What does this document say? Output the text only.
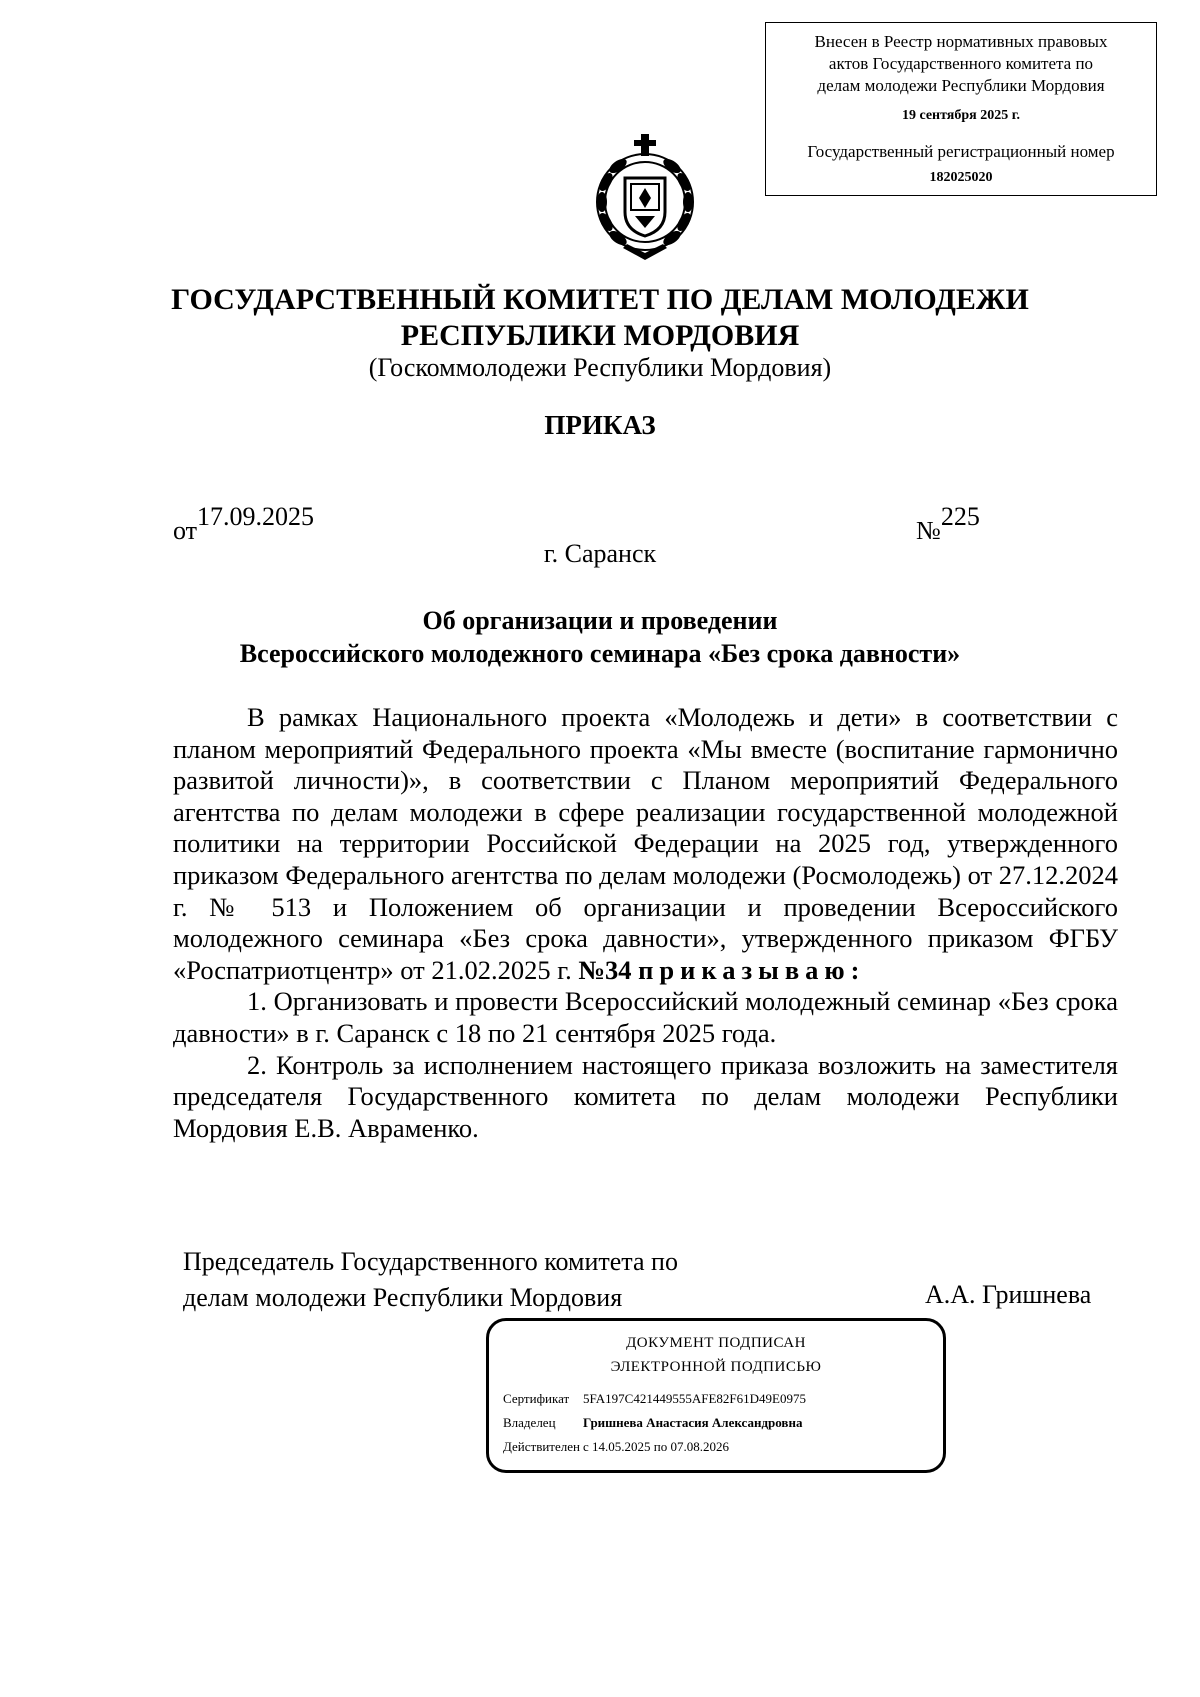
Внесен в Реестр нормативных правовых
актов Государственного комитета по
делам молодежи Республики Мордовия
19 сентября 2025 г.
Государственный регистрационный номер
182025020
ГОСУДАРСТВЕННЫЙ КОМИТЕТ ПО ДЕЛАМ МОЛОДЕЖИ
РЕСПУБЛИКИ МОРДОВИЯ
(Госкоммолодежи Республики Мордовия)
ПРИКАЗ
от17.09.2025	№225
г. Саранск
Об организации и проведении
Всероссийского молодежного семинара «Без срока давности»

В рамках Национального проекта «Молодежь и дети» в соответствии с планом мероприятий Федерального проекта «Мы вместе (воспитание гармонично развитой личности)», в соответствии с Планом мероприятий Федерального агентства по делам молодежи в сфере реализации государственной молодежной политики на территории Российской Федерации на 2025 год, утвержденного приказом Федерального агентства по делам молодежи (Росмолодежь) от 27.12.2024 г. № 513 и Положением об организации и проведении Всероссийского молодежного семинара «Без срока давности», утвержденного приказом ФГБУ «Роспатриотцентр» от 21.02.2025 г. №34 приказываю:

1. Организовать и провести Всероссийский молодежный семинар «Без срока давности» в г. Саранск с 18 по 21 сентября 2025 года.

2. Контроль за исполнением настоящего приказа возложить на заместителя председателя Государственного комитета по делам молодежи Республики Мордовия Е.В. Авраменко.

Председатель Государственного комитета по
делам молодежи Республики Мордовия	А.А. Гришнева
ДОКУМЕНТ ПОДПИСАН
ЭЛЕКТРОННОЙ ПОДПИСЬЮ
Сертификат 5FA197C421449555AFE82F61D49E0975
Владелец Гришнева Анастасия Александровна
Действителен с 14.05.2025 по 07.08.2026
